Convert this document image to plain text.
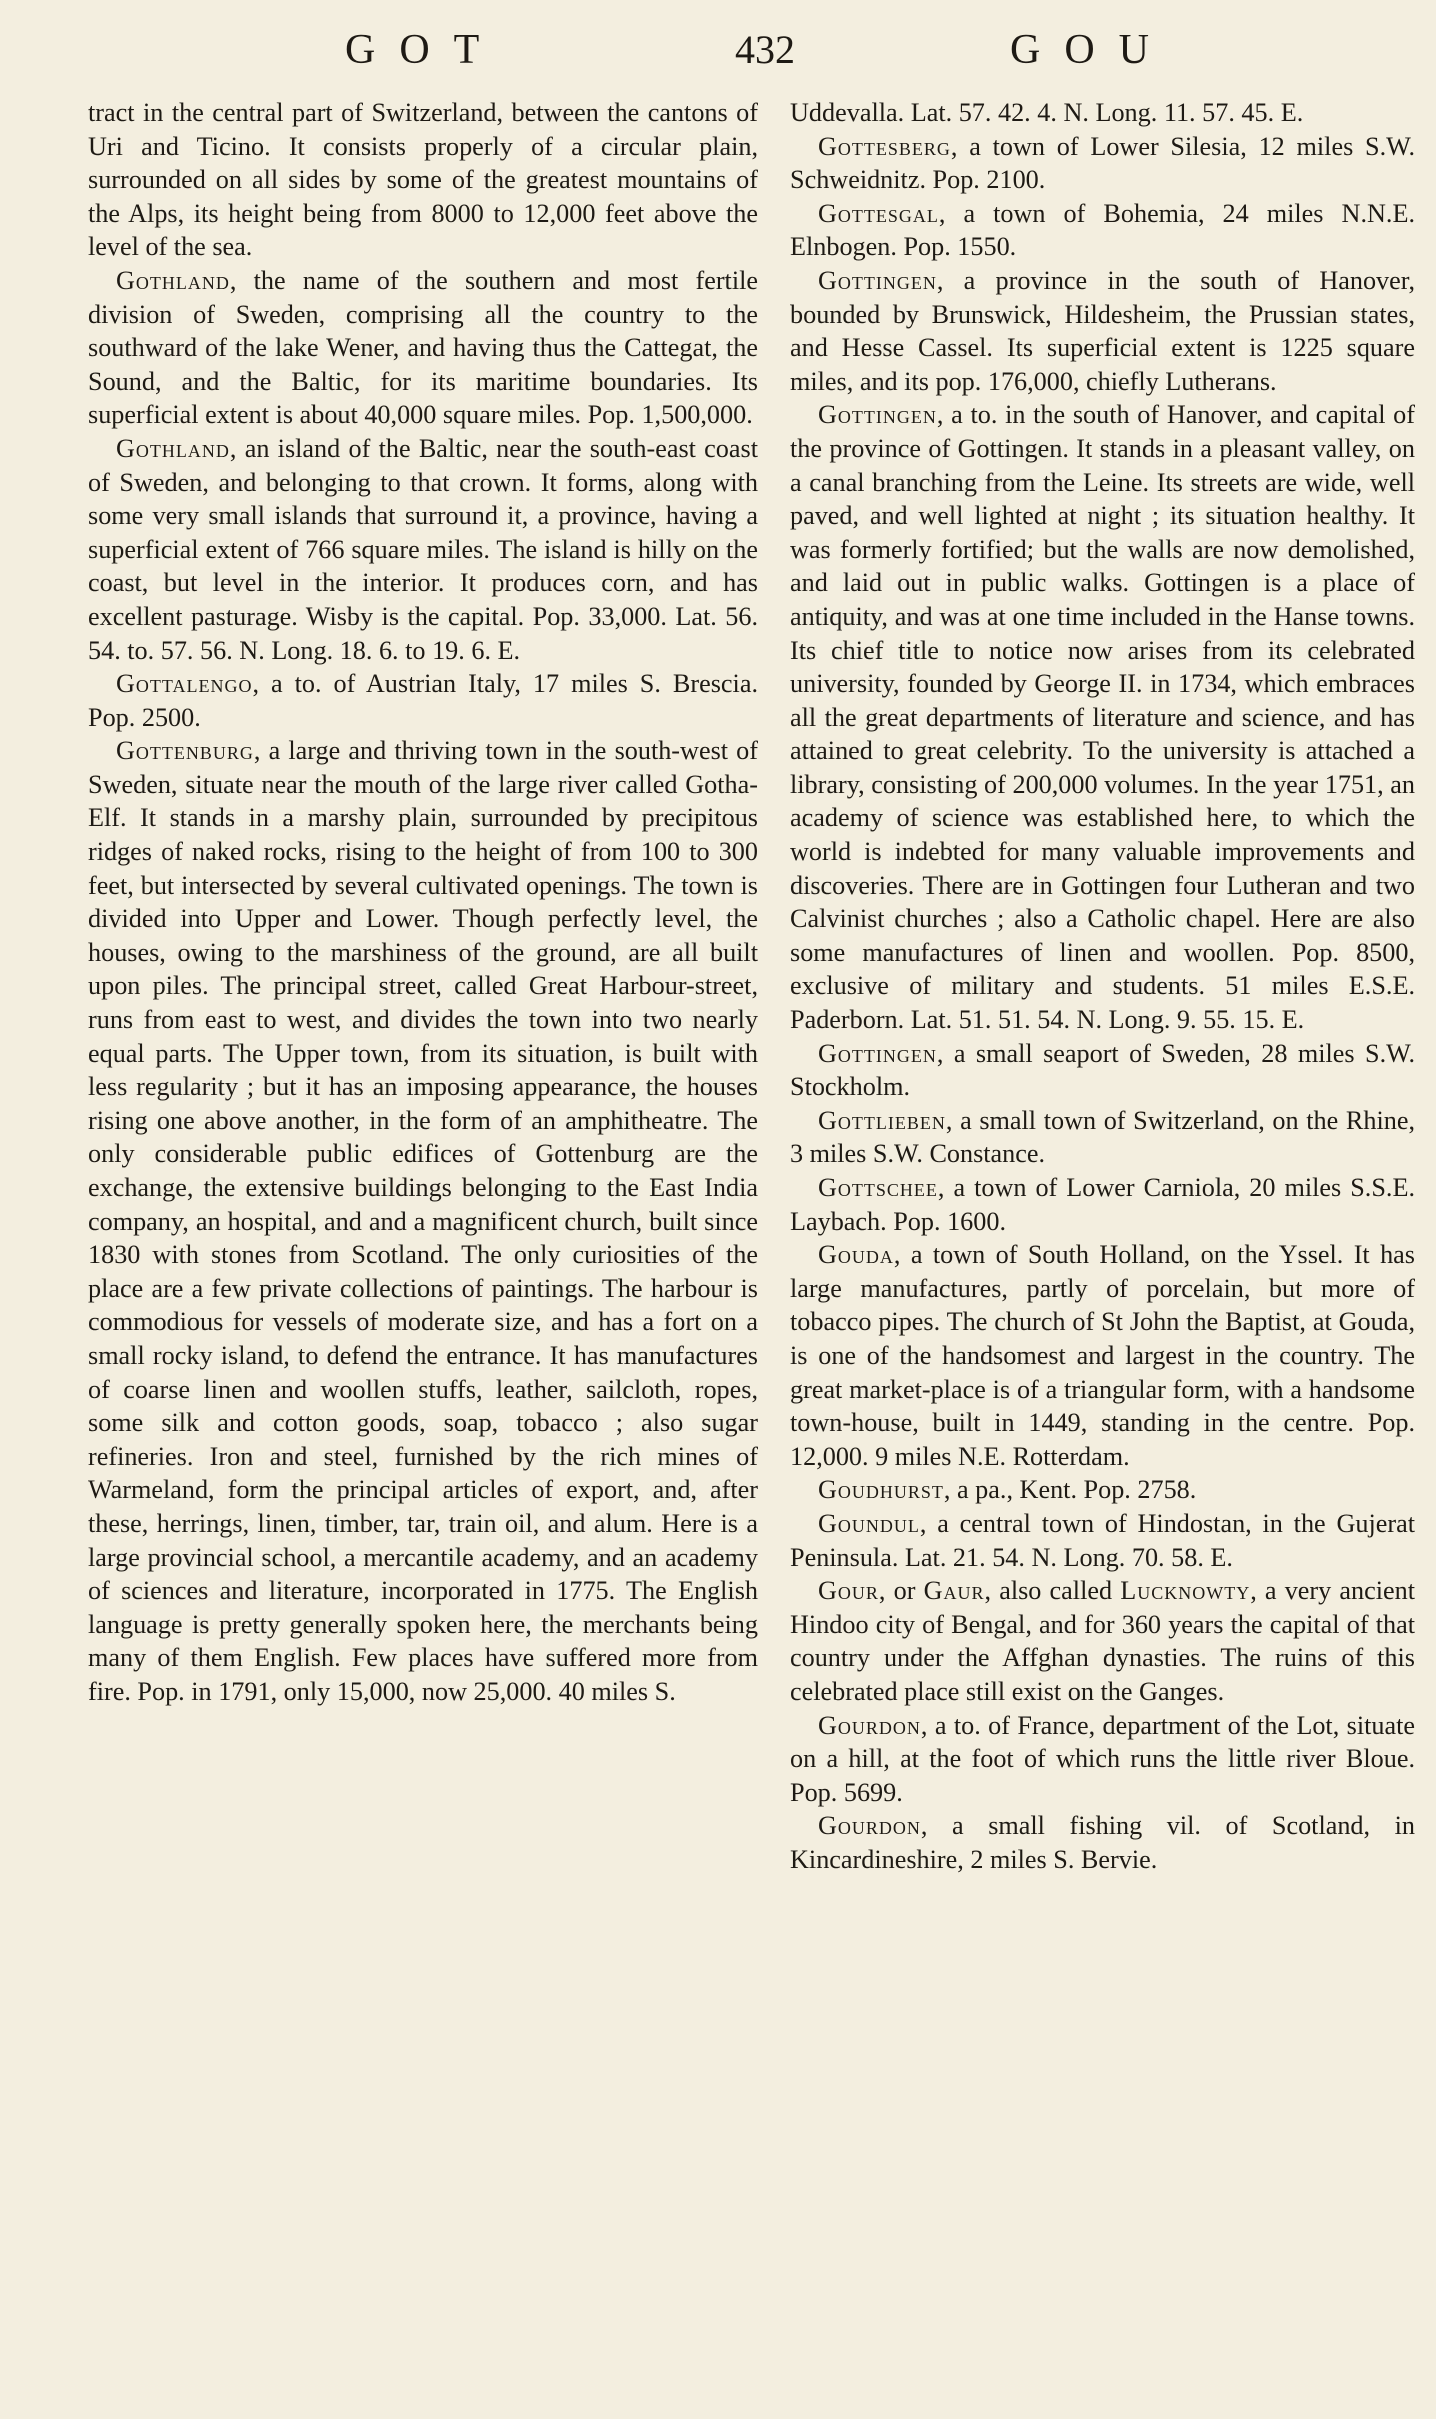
GOT	432	GOU

tract in the central part of Switzerland, between the cantons of Uri and Ticino. It consists properly of a circular plain, surrounded on all sides by some of the greatest mountains of the Alps, its height being from 8000 to 12,000 feet above the level of the sea.

Gothland, the name of the southern and most fertile division of Sweden, comprising all the country to the southward of the lake Wener, and having thus the Cattegat, the Sound, and the Baltic, for its maritime boundaries. Its superficial extent is about 40,000 square miles. Pop. 1,500,000.

Gothland, an island of the Baltic, near the south-east coast of Sweden, and belonging to that crown. It forms, along with some very small islands that surround it, a province, having a superficial extent of 766 square miles. The island is hilly on the coast, but level in the interior. It produces corn, and has excellent pasturage. Wisby is the capital. Pop. 33,000. Lat. 56. 54. to. 57. 56. N. Long. 18. 6. to 19. 6. E.

Gottalengo, a to. of Austrian Italy, 17 miles S. Brescia. Pop. 2500.

Gottenburg, a large and thriving town in the south-west of Sweden, situate near the mouth of the large river called Gotha-Elf. It stands in a marshy plain, surrounded by precipitous ridges of naked rocks, rising to the height of from 100 to 300 feet, but intersected by several cultivated openings. The town is divided into Upper and Lower. Though perfectly level, the houses, owing to the marshiness of the ground, are all built upon piles. The principal street, called Great Harbour-street, runs from east to west, and divides the town into two nearly equal parts. The Upper town, from its situation, is built with less regularity ; but it has an imposing appearance, the houses rising one above another, in the form of an amphitheatre. The only considerable public edifices of Gottenburg are the exchange, the extensive buildings belonging to the East India company, an hospital, and and a magnificent church, built since 1830 with stones from Scotland. The only curiosities of the place are a few private collections of paintings. The harbour is commodious for vessels of moderate size, and has a fort on a small rocky island, to defend the entrance. It has manufactures of coarse linen and woollen stuffs, leather, sailcloth, ropes, some silk and cotton goods, soap, tobacco ; also sugar refineries. Iron and steel, furnished by the rich mines of Warmeland, form the principal articles of export, and, after these, herrings, linen, timber, tar, train oil, and alum. Here is a large provincial school, a mercantile academy, and an academy of sciences and literature, incorporated in 1775. The English language is pretty generally spoken here, the merchants being many of them English. Few places have suffered more from fire. Pop. in 1791, only 15,000, now 25,000. 40 miles S.

Uddevalla. Lat. 57. 42. 4. N. Long. 11. 57. 45. E.

Gottesberg, a town of Lower Silesia, 12 miles S.W. Schweidnitz. Pop. 2100.

Gottesgal, a town of Bohemia, 24 miles N.N.E. Elnbogen. Pop. 1550.

Gottingen, a province in the south of Hanover, bounded by Brunswick, Hildesheim, the Prussian states, and Hesse Cassel. Its superficial extent is 1225 square miles, and its pop. 176,000, chiefly Lutherans.

Gottingen, a to. in the south of Hanover, and capital of the province of Gottingen. It stands in a pleasant valley, on a canal branching from the Leine. Its streets are wide, well paved, and well lighted at night ; its situation healthy. It was formerly fortified; but the walls are now demolished, and laid out in public walks. Gottingen is a place of antiquity, and was at one time included in the Hanse towns. Its chief title to notice now arises from its celebrated university, founded by George II. in 1734, which embraces all the great departments of literature and science, and has attained to great celebrity. To the university is attached a library, consisting of 200,000 volumes. In the year 1751, an academy of science was established here, to which the world is indebted for many valuable improvements and discoveries. There are in Gottingen four Lutheran and two Calvinist churches ; also a Catholic chapel. Here are also some manufactures of linen and woollen. Pop. 8500, exclusive of military and students. 51 miles E.S.E. Paderborn. Lat. 51. 51. 54. N. Long. 9. 55. 15. E.

Gottingen, a small seaport of Sweden, 28 miles S.W. Stockholm.

Gottlieben, a small town of Switzerland, on the Rhine, 3 miles S.W. Constance.

Gottschee, a town of Lower Carniola, 20 miles S.S.E. Laybach. Pop. 1600.

Gouda, a town of South Holland, on the Yssel. It has large manufactures, partly of porcelain, but more of tobacco pipes. The church of St John the Baptist, at Gouda, is one of the handsomest and largest in the country. The great market-place is of a triangular form, with a handsome town-house, built in 1449, standing in the centre. Pop. 12,000. 9 miles N.E. Rotterdam.

Goudhurst, a pa., Kent. Pop. 2758.

Goundul, a central town of Hindostan, in the Gujerat Peninsula. Lat. 21. 54. N. Long. 70. 58. E.

Gour, or Gaur, also called Lucknowty, a very ancient Hindoo city of Bengal, and for 360 years the capital of that country under the Affghan dynasties. The ruins of this celebrated place still exist on the Ganges.

Gourdon, a to. of France, department of the Lot, situate on a hill, at the foot of which runs the little river Bloue. Pop. 5699.

Gourdon, a small fishing vil. of Scotland, in Kincardineshire, 2 miles S. Bervie.
